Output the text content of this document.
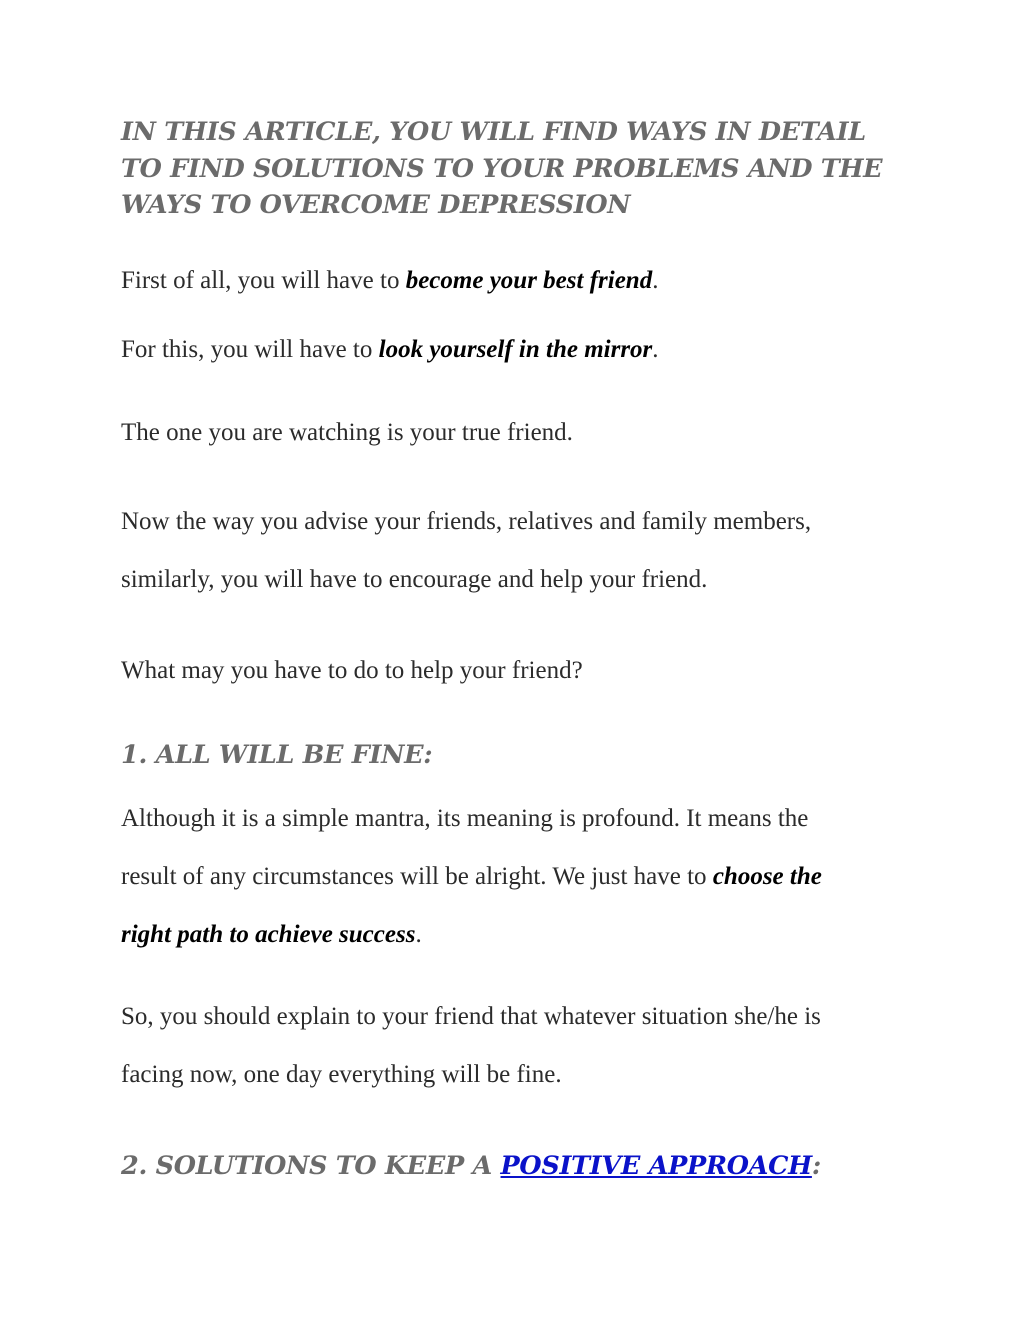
IN THIS ARTICLE, YOU WILL FIND WAYS IN DETAIL
TO FIND SOLUTIONS TO YOUR PROBLEMS AND THE
WAYS TO OVERCOME DEPRESSION

First of all, you will have to become your best friend.

For this, you will have to look yourself in the mirror.

The one you are watching is your true friend.

Now the way you advise your friends, relatives and family members,
similarly, you will have to encourage and help your friend.

What may you have to do to help your friend?

1. ALL WILL BE FINE:

Although it is a simple mantra, its meaning is profound. It means the
result of any circumstances will be alright. We just have to choose the
right path to achieve success.

So, you should explain to your friend that whatever situation she/he is
facing now, one day everything will be fine.

2. SOLUTIONS TO KEEP A POSITIVE APPROACH:
